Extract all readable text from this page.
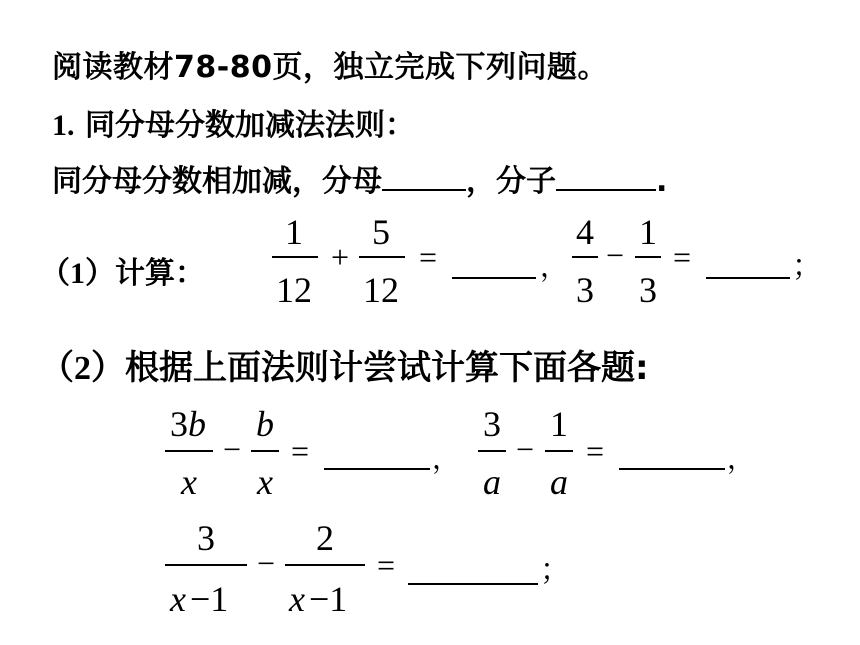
阅读教材78-80页，独立完成下列问题。
1. 同分母分数加减法法则：
同分母分数相加减，分母	，分子	.
（1）计算：
（2）根据上面法则计尝试计算下面各题:
1
12
+
5
12
=	，
4
3
−
1
3
=	；
3b
x
−
b
x
=	，
3
a
−
1
a
=	，
3
x −1
−
2
x −1
=	；
